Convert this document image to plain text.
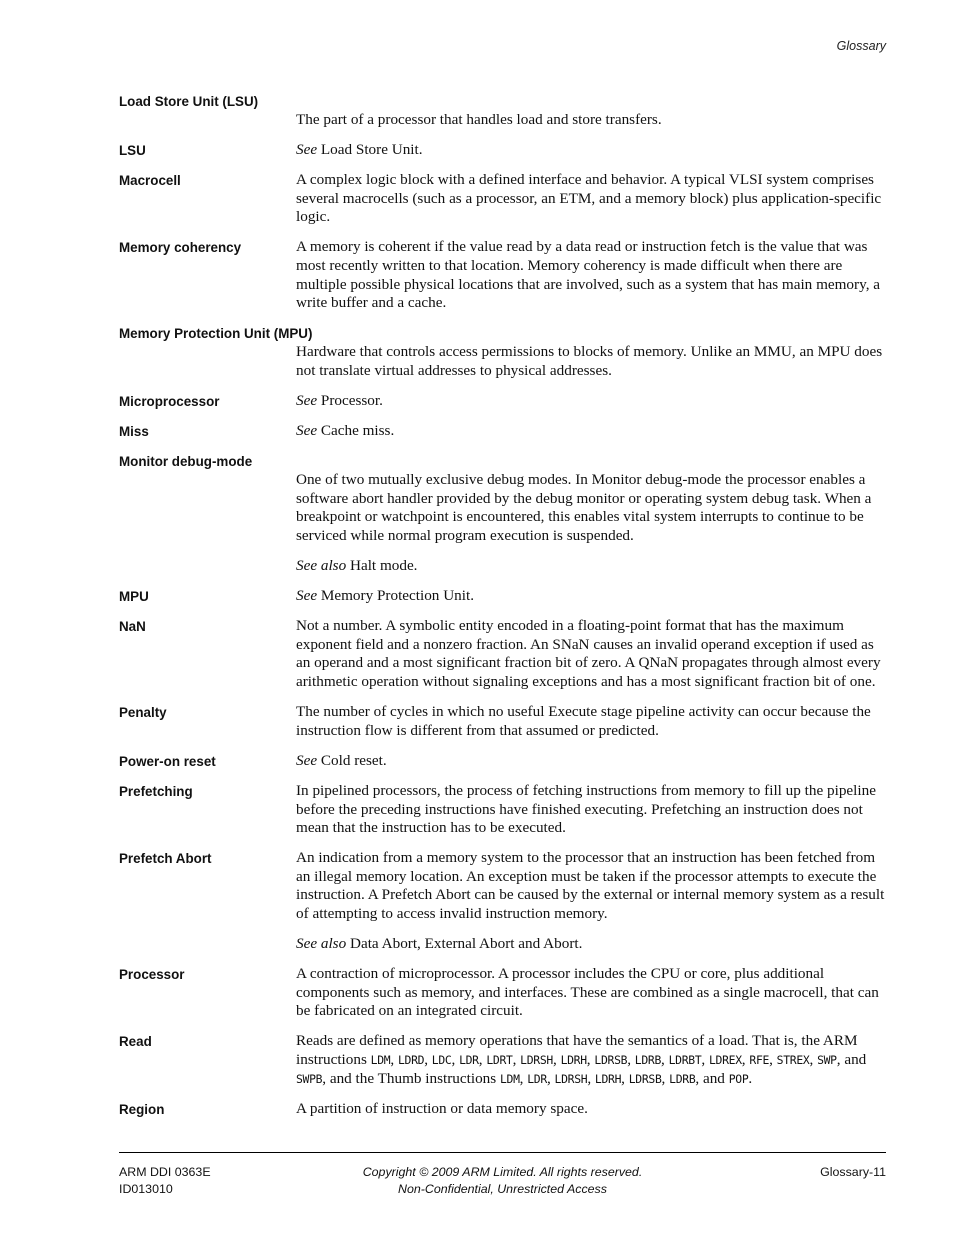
Glossary
Load Store Unit (LSU)

The part of a processor that handles load and store transfers.

LSU	See Load Store Unit.

Macrocell	A complex logic block with a defined interface and behavior. A typical VLSI system comprises several macrocells (such as a processor, an ETM, and a memory block) plus application-specific logic.

Memory coherency	A memory is coherent if the value read by a data read or instruction fetch is the value that was most recently written to that location. Memory coherency is made difficult when there are multiple possible physical locations that are involved, such as a system that has main memory, a write buffer and a cache.

Memory Protection Unit (MPU)

Hardware that controls access permissions to blocks of memory. Unlike an MMU, an MPU does not translate virtual addresses to physical addresses.

Microprocessor	See Processor.

Miss	See Cache miss.

Monitor debug-mode

One of two mutually exclusive debug modes. In Monitor debug-mode the processor enables a software abort handler provided by the debug monitor or operating system debug task. When a breakpoint or watchpoint is encountered, this enables vital system interrupts to continue to be serviced while normal program execution is suspended.

See also Halt mode.

MPU	See Memory Protection Unit.

NaN	Not a number. A symbolic entity encoded in a floating-point format that has the maximum exponent field and a nonzero fraction. An SNaN causes an invalid operand exception if used as an operand and a most significant fraction bit of zero. A QNaN propagates through almost every arithmetic operation without signaling exceptions and has a most significant fraction bit of one.

Penalty	The number of cycles in which no useful Execute stage pipeline activity can occur because the instruction flow is different from that assumed or predicted.

Power-on reset	See Cold reset.

Prefetching	In pipelined processors, the process of fetching instructions from memory to fill up the pipeline before the preceding instructions have finished executing. Prefetching an instruction does not mean that the instruction has to be executed.

Prefetch Abort	An indication from a memory system to the processor that an instruction has been fetched from an illegal memory location. An exception must be taken if the processor attempts to execute the instruction. A Prefetch Abort can be caused by the external or internal memory system as a result of attempting to access invalid instruction memory.

See also Data Abort, External Abort and Abort.

Processor	A contraction of microprocessor. A processor includes the CPU or core, plus additional components such as memory, and interfaces. These are combined as a single macrocell, that can be fabricated on an integrated circuit.

Read	Reads are defined as memory operations that have the semantics of a load. That is, the ARM instructions LDM, LDRD, LDC, LDR, LDRT, LDRSH, LDRH, LDRSB, LDRB, LDRBT, LDREX, RFE, STREX, SWP, and SWPB, and the Thumb instructions LDM, LDR, LDRSH, LDRH, LDRSB, LDRB, and POP.

Region	A partition of instruction or data memory space.

ARM DDI 0363E
ID013010
Copyright © 2009 ARM Limited. All rights reserved.
Non-Confidential, Unrestricted Access
Glossary-11
